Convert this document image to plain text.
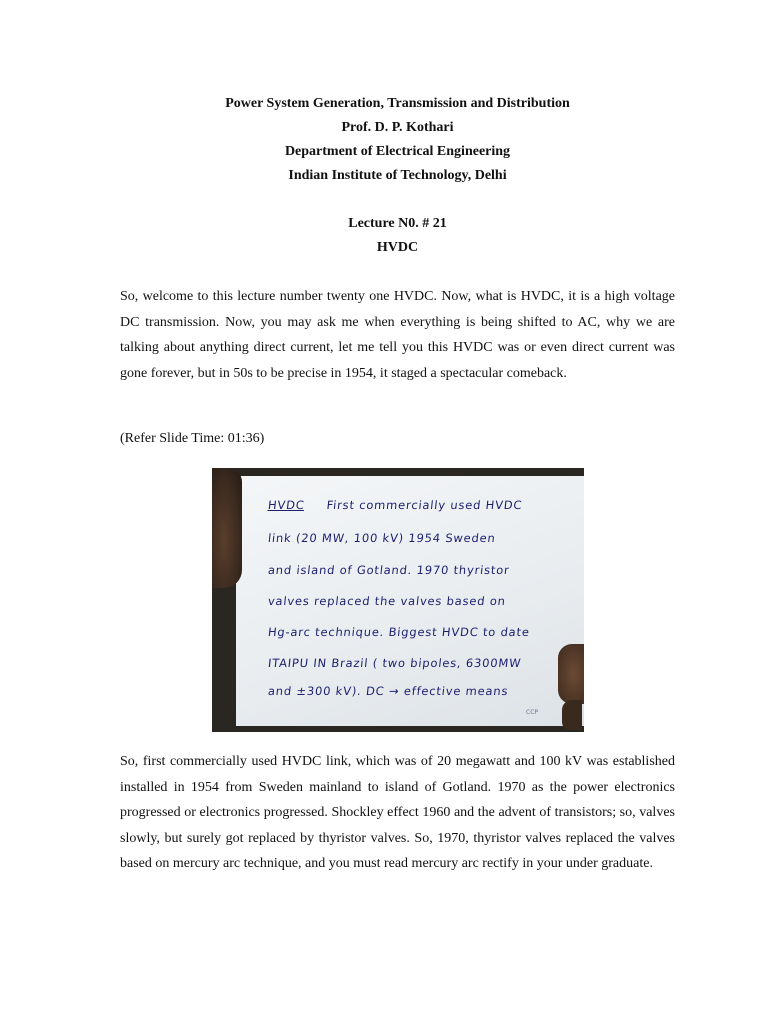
Power System Generation, Transmission and Distribution
Prof. D. P. Kothari
Department of Electrical Engineering
Indian Institute of Technology, Delhi
Lecture N0. # 21
HVDC

So, welcome to this lecture number twenty one HVDC. Now, what is HVDC, it is a high voltage DC transmission. Now, you may ask me when everything is being shifted to AC, why we are talking about anything direct current, let me tell you this HVDC was or even direct current was gone forever, but in 50s to be precise in 1954, it staged a spectacular comeback.

(Refer Slide Time: 01:36)

HVDC First commercially used HVDC
link (20 MW, 100 kV) 1954 Sweden
and island of Gotland. 1970 thyristor
valves replaced the valves based on
Hg-arc technique. Biggest HVDC to date
ITAIPU IN Brazil ( two bipoles, 6300MW
and ±300 kV). DC → effective means
CCP

So, first commercially used HVDC link, which was of 20 megawatt and 100 kV was established installed in 1954 from Sweden mainland to island of Gotland. 1970 as the power electronics progressed or electronics progressed. Shockley effect 1960 and the advent of transistors; so, valves slowly, but surely got replaced by thyristor valves. So, 1970, thyristor valves replaced the valves based on mercury arc technique, and you must read mercury arc rectify in your under graduate.
